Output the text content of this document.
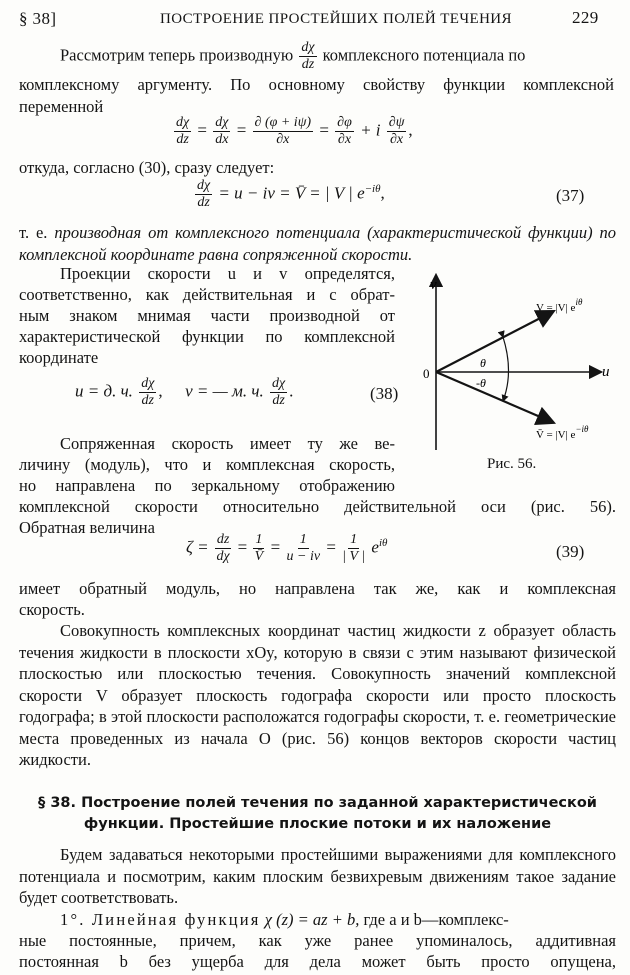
§ 38]	ПОСТРОЕНИЕ ПРОСТЕЙШИХ ПОЛЕЙ ТЕЧЕНИЯ	229
Рассмотрим теперь производную $\frac{d\chi}{dz}$ комплексного потенциала по
комплексному аргументу. По основному свойству функции комплексной переменной
$\frac{d\chi}{dz} = \frac{d\chi}{dx} = \frac{\partial (\varphi + i\psi)}{\partial x} = \frac{\partial\varphi}{\partial x} + i \frac{\partial\psi}{\partial x}$ ,
откуда, согласно (30), сразу следует:
$\frac{d\chi}{dz} = u$ − iv = V̄ = | V | $e^{-i\theta}$,	(37)
т. е. производная от комплексного потенциала (характеристической функции) по комплексной координате равна сопряженной скорости.
Проекции скорости u и v определятся,
соответственно, как действительная и с обрат-
ным знаком мнимая части производной от
характеристической функции по комплексной
координате
u = д. ч. $\frac{d\chi}{dz}$ , v = — м. ч. $\frac{d\chi}{dz}$ .	(38)
Сопряженная скорость имеет ту же ве-
личину (модуль), что и комплексная скорость,
но направлена по зеркальному отображению
комплексной скорости относительно действительной оси (рис. 56).
Обратная величина
v
u
0
θ
-θ
V = |V| $e^{i\theta}$
V̄ = |V| $e^{-i\theta}$
Рис. 56.
$\zeta = \frac{dz}{d\chi} = \frac{1}{V̄} = \frac{1}{u - iv} = \frac{1}{| V |} e^{i\theta}$	(39)
имеет обратный модуль, но направлена так же, как и комплексная
скорость.
Совокупность комплексных координат частиц жидкости z образует область течения жидкости в плоскости xOy, которую в связи с этим называют физической плоскостью или плоскостью течения. Совокупность значений комплексной скорости V образует плоскость годографа скорости или просто плоскость годографа; в этой плоскости расположатся годографы скорости, т. е. геометрические места проведенных из начала O (рис. 56) концов векторов скорости частиц жидкости.
§ 38. Построение полей течения по заданной характеристической
функции. Простейшие плоские потоки и их наложение
Будем задаваться некоторыми простейшими выражениями для комплексного потенциала и посмотрим, каким плоским безвихревым движениям такое задание будет соответствовать.
1°. Линейная функция χ (z) = az + b, где a и b—комплекс-
ные постоянные, причем, как уже ранее упоминалось, аддитивная
постоянная b без ущерба для дела может быть просто опущена,
